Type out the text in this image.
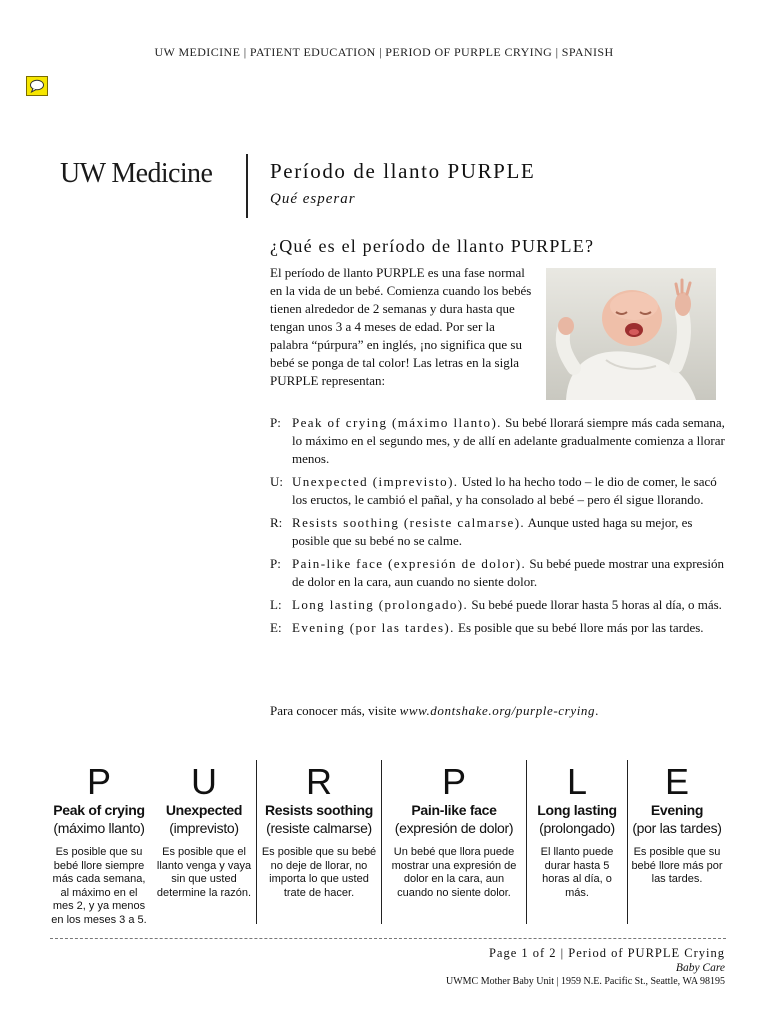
UW MEDICINE | PATIENT EDUCATION | PERIOD OF PURPLE CRYING | SPANISH
UW Medicine	Período de llanto PURPLE
Qué esperar
¿Qué es el período de llanto PURPLE?
El período de llanto PURPLE es una fase normal en la vida de un bebé. Comienza cuando los bebés tienen alrededor de 2 semanas y dura hasta que tengan unos 3 a 4 meses de edad. Por ser la palabra “púrpura” en inglés, ¡no significa que su bebé se ponga de tal color! Las letras en la sigla PURPLE representan:
P: Peak of crying (máximo llanto). Su bebé llorará siempre más cada semana, lo máximo en el segundo mes, y de allí en adelante gradualmente comienza a llorar menos.
U: Unexpected (imprevisto). Usted lo ha hecho todo – le dio de comer, le sacó los eructos, le cambió el pañal, y ha consolado al bebé – pero él sigue llorando.
R: Resists soothing (resiste calmarse). Aunque usted haga su mejor, es posible que su bebé no se calme.
P: Pain-like face (expresión de dolor). Su bebé puede mostrar una expresión de dolor en la cara, aun cuando no siente dolor.
L: Long lasting (prolongado). Su bebé puede llorar hasta 5 horas al día, o más.
E: Evening (por las tardes). Es posible que su bebé llore más por las tardes.
Para conocer más, visite www.dontshake.org/purple-crying.
P
Peak of crying
(máximo llanto)
Es posible que su bebé llore siempre más cada semana, al máximo en el mes 2, y ya menos en los meses 3 a 5.
U
Unexpected
(imprevisto)
Es posible que el llanto venga y vaya sin que usted determine la razón.
R
Resists soothing
(resiste calmarse)
Es posible que su bebé no deje de llorar, no importa lo que usted trate de hacer.
P
Pain-like face
(expresión de dolor)
Un bebé que llora puede mostrar una expresión de dolor en la cara, aun cuando no siente dolor.
L
Long lasting
(prolongado)
El llanto puede durar hasta 5 horas al día, o más.
E
Evening
(por las tardes)
Es posible que su bebé llore más por las tardes.
Page 1 of 2 | Period of PURPLE Crying
Baby Care
UWMC Mother Baby Unit | 1959 N.E. Pacific St., Seattle, WA 98195
